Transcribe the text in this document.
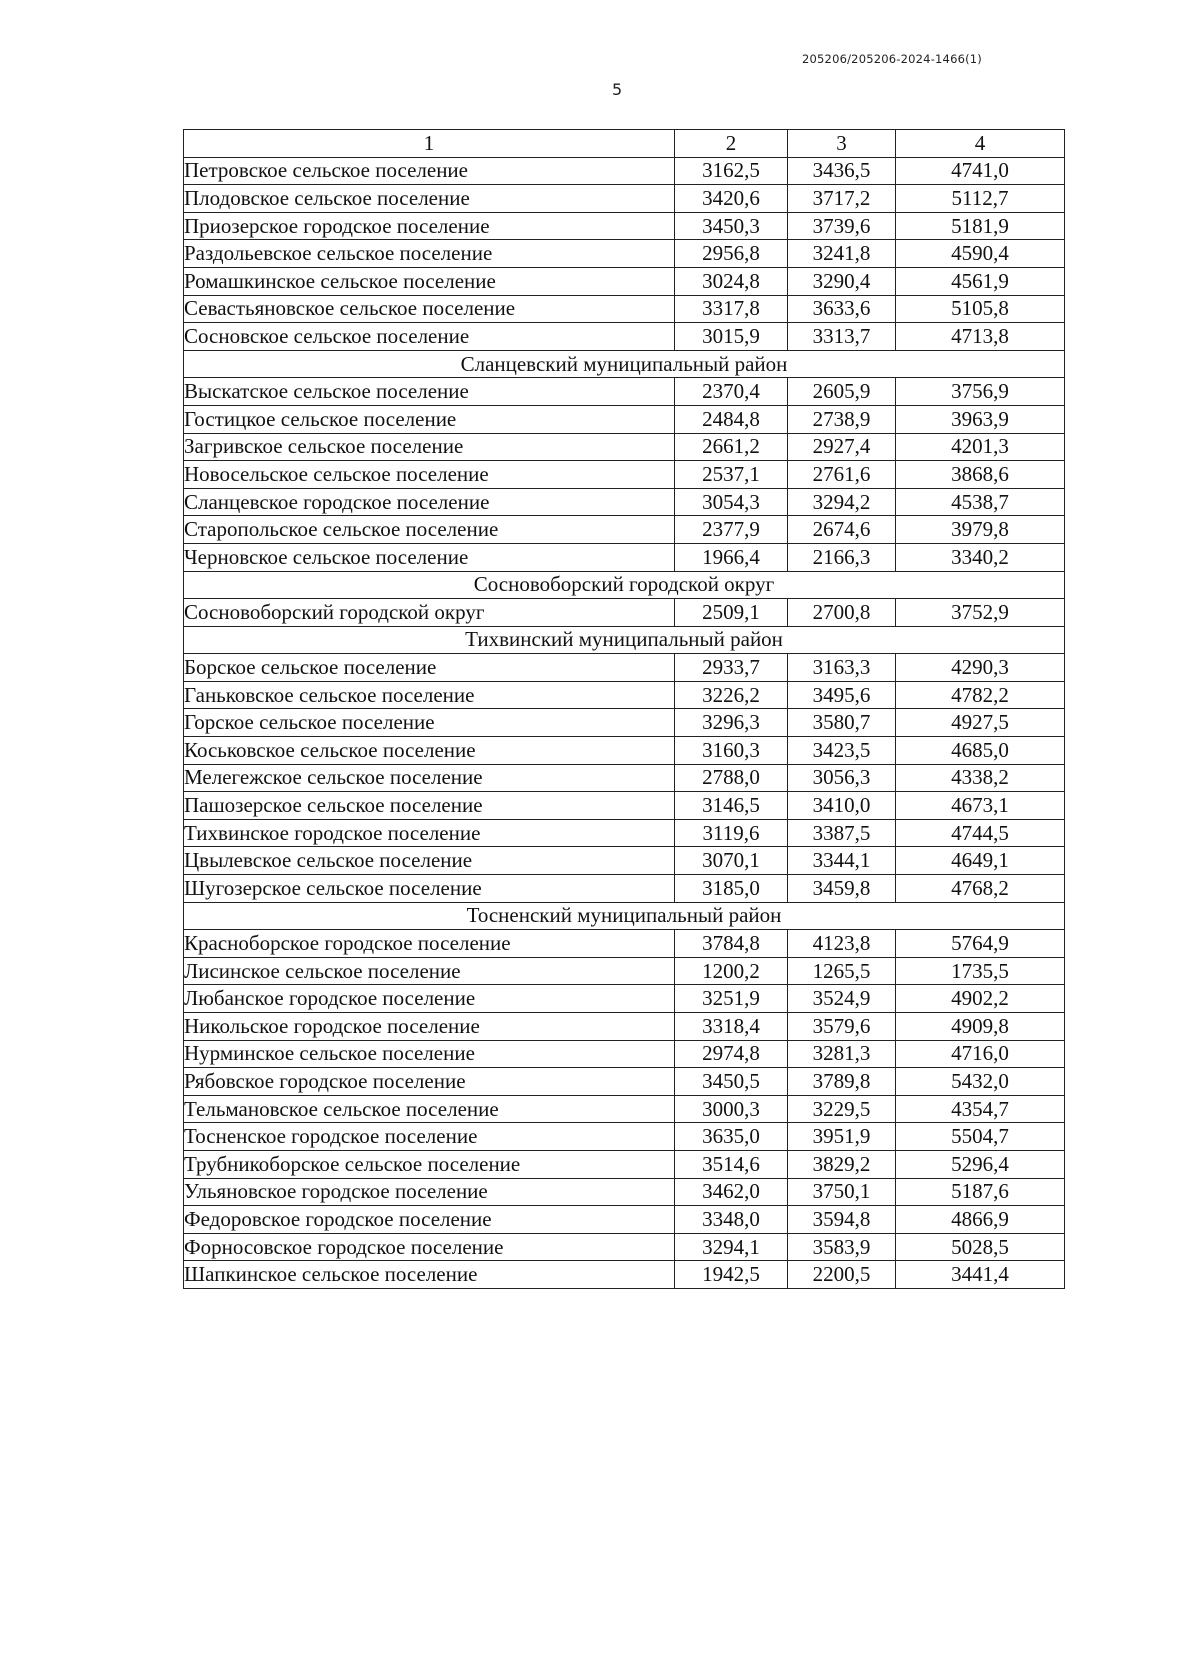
205206/205206-2024-1466(1)
5
1	2	3	4
Петровское сельское поселение	3162,5	3436,5	4741,0
Плодовское сельское поселение	3420,6	3717,2	5112,7
Приозерское городское поселение	3450,3	3739,6	5181,9
Раздольевское сельское поселение	2956,8	3241,8	4590,4
Ромашкинское сельское поселение	3024,8	3290,4	4561,9
Севастьяновское сельское поселение	3317,8	3633,6	5105,8
Сосновское сельское поселение	3015,9	3313,7	4713,8
Сланцевский муниципальный район			
Выскатское сельское поселение	2370,4	2605,9	3756,9
Гостицкое сельское поселение	2484,8	2738,9	3963,9
Загривское сельское поселение	2661,2	2927,4	4201,3
Новосельское сельское поселение	2537,1	2761,6	3868,6
Сланцевское городское поселение	3054,3	3294,2	4538,7
Старопольское сельское поселение	2377,9	2674,6	3979,8
Черновское сельское поселение	1966,4	2166,3	3340,2
Сосновоборский городской округ			
Сосновоборский городской округ	2509,1	2700,8	3752,9
Тихвинский муниципальный район			
Борское сельское поселение	2933,7	3163,3	4290,3
Ганьковское сельское поселение	3226,2	3495,6	4782,2
Горское сельское поселение	3296,3	3580,7	4927,5
Коськовское сельское поселение	3160,3	3423,5	4685,0
Мелегежское сельское поселение	2788,0	3056,3	4338,2
Пашозерское сельское поселение	3146,5	3410,0	4673,1
Тихвинское городское поселение	3119,6	3387,5	4744,5
Цвылевское сельское поселение	3070,1	3344,1	4649,1
Шугозерское сельское поселение	3185,0	3459,8	4768,2
Тосненский муниципальный район			
Красноборское городское поселение	3784,8	4123,8	5764,9
Лисинское сельское поселение	1200,2	1265,5	1735,5
Любанское городское поселение	3251,9	3524,9	4902,2
Никольское городское поселение	3318,4	3579,6	4909,8
Нурминское сельское поселение	2974,8	3281,3	4716,0
Рябовское городское поселение	3450,5	3789,8	5432,0
Тельмановское сельское поселение	3000,3	3229,5	4354,7
Тосненское городское поселение	3635,0	3951,9	5504,7
Трубникоборское сельское поселение	3514,6	3829,2	5296,4
Ульяновское городское поселение	3462,0	3750,1	5187,6
Федоровское городское поселение	3348,0	3594,8	4866,9
Форносовское городское поселение	3294,1	3583,9	5028,5
Шапкинское сельское поселение	1942,5	2200,5	3441,4
